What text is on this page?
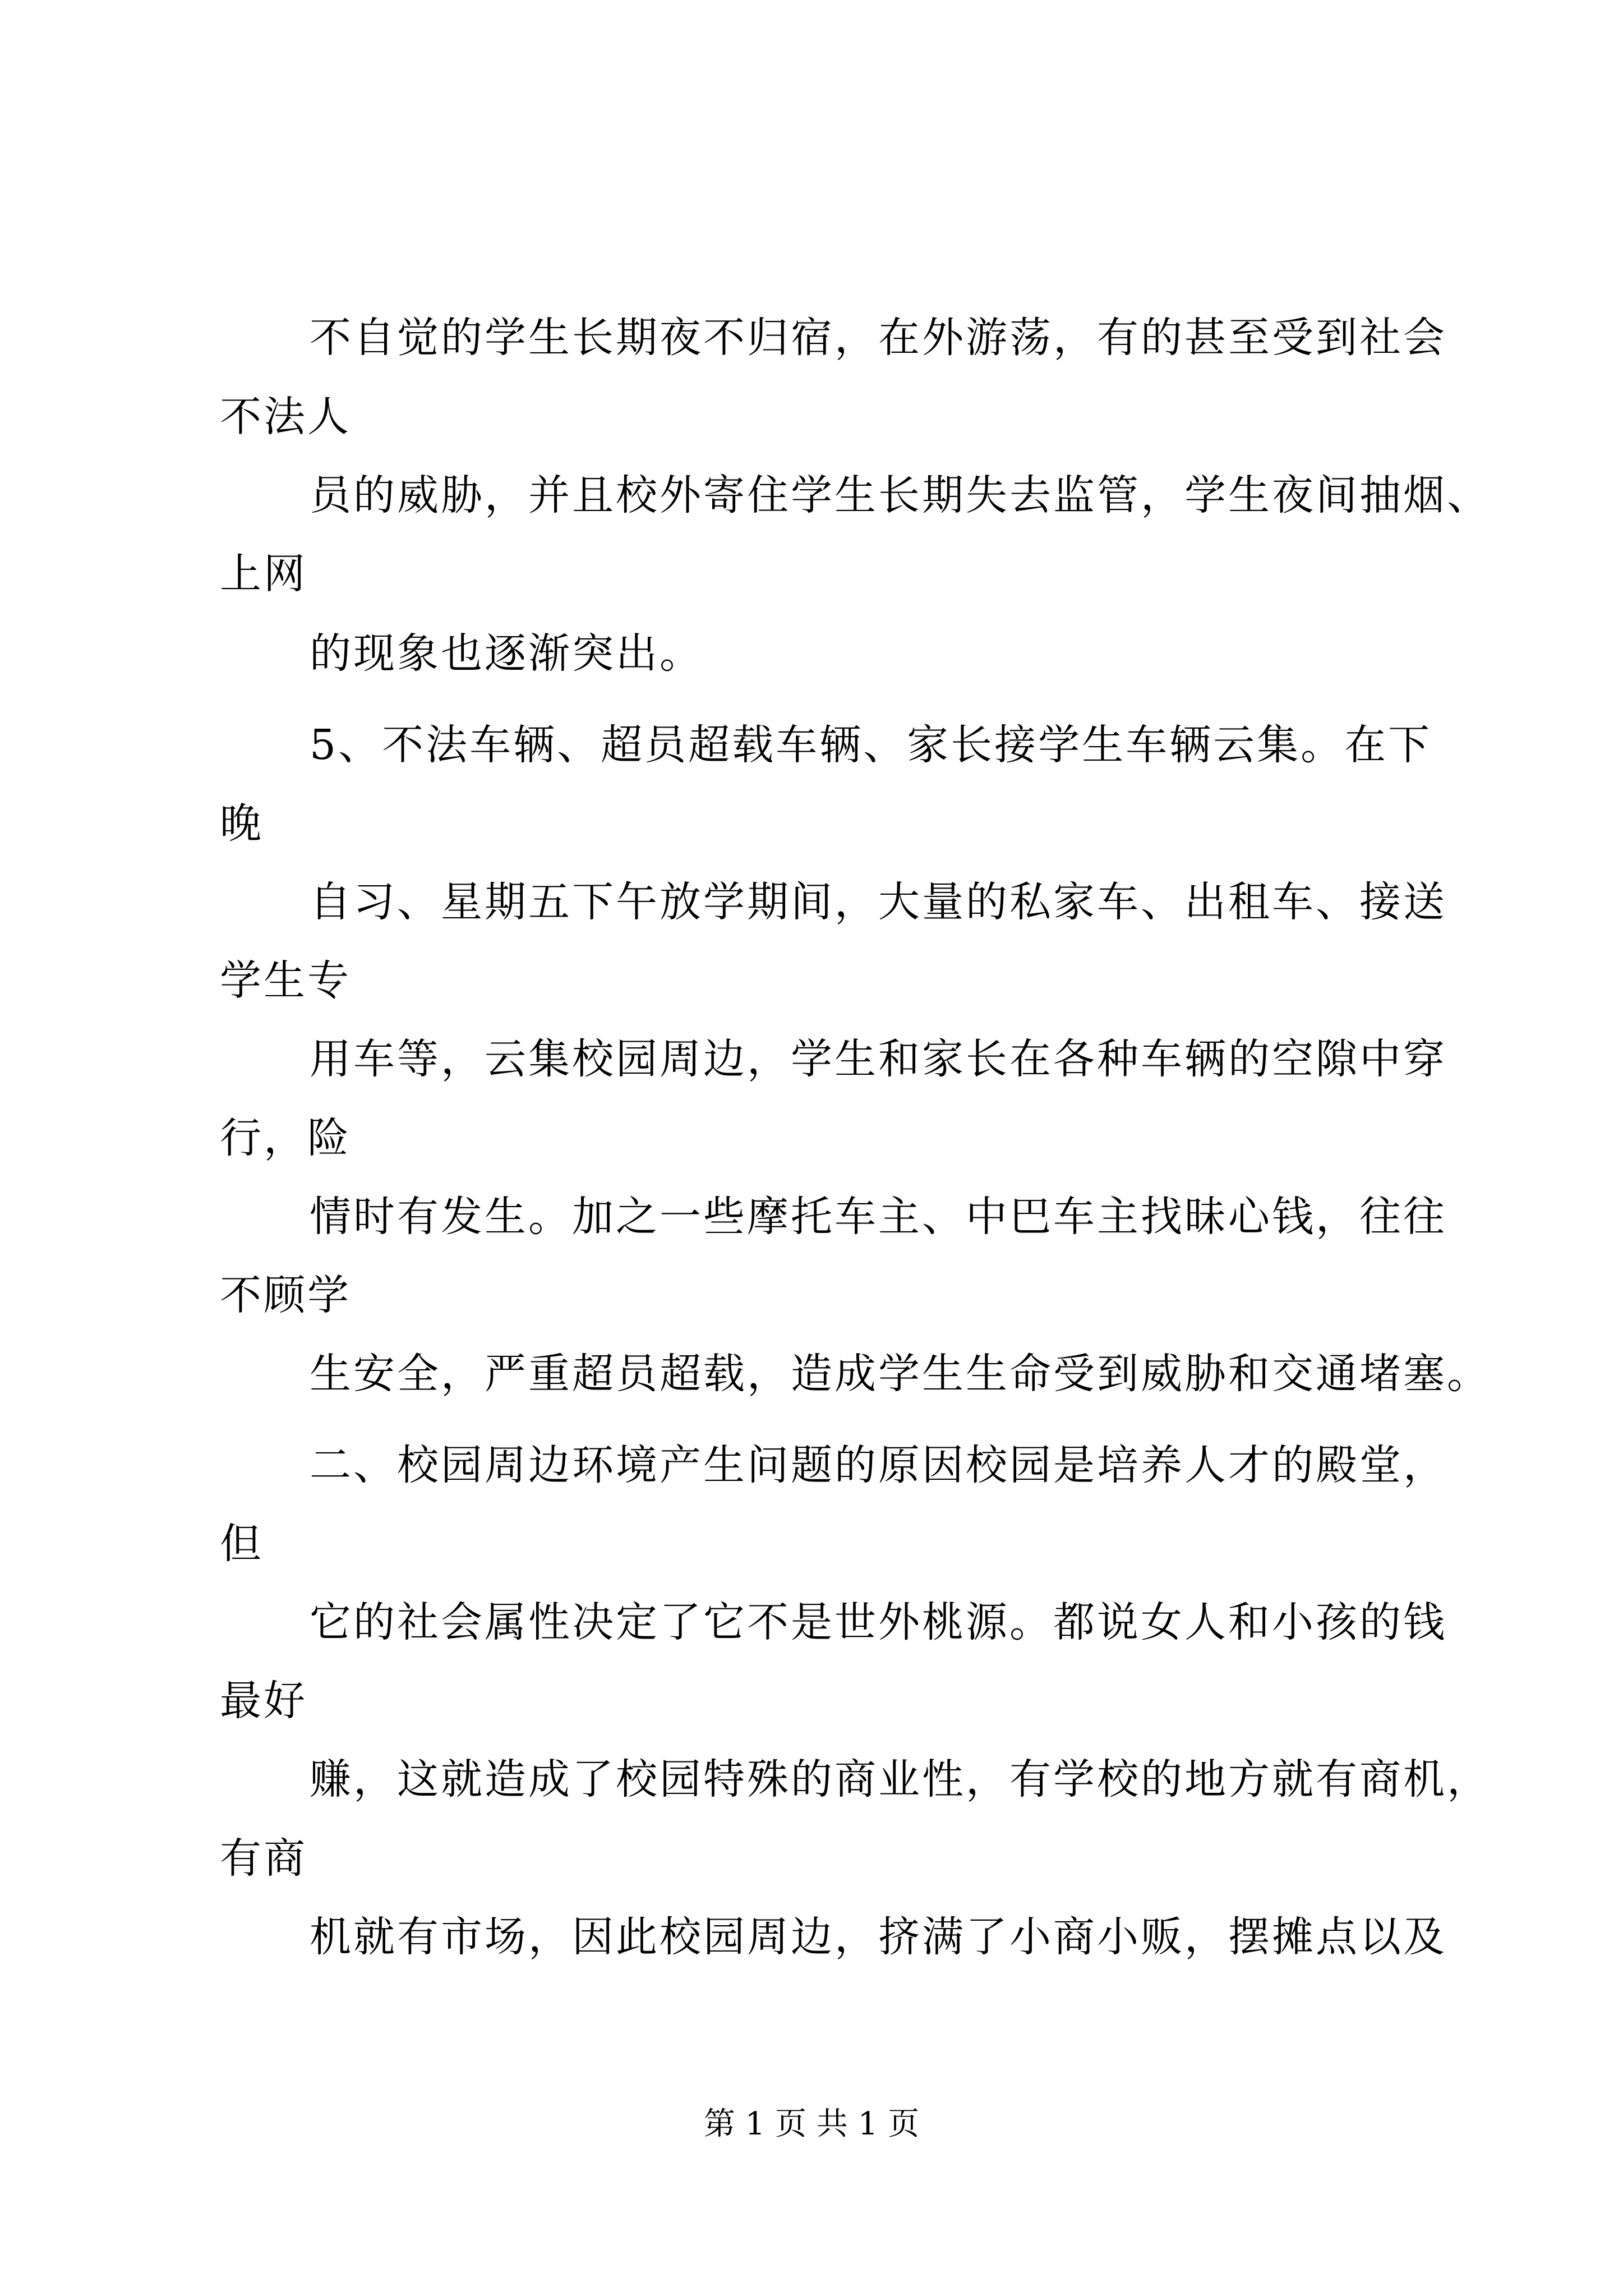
不自觉的学生长期夜不归宿，在外游荡，有的甚至受到社会
不法人
员的威胁，并且校外寄住学生长期失去监管，学生夜间抽烟、
上网
的现象也逐渐突出。
5、不法车辆、超员超载车辆、家长接学生车辆云集。在下
晚
自习、星期五下午放学期间，大量的私家车、出租车、接送
学生专
用车等，云集校园周边，学生和家长在各种车辆的空隙中穿
行，险
情时有发生。加之一些摩托车主、中巴车主找昧心钱，往往
不顾学
生安全，严重超员超载，造成学生生命受到威胁和交通堵塞。
二、校园周边环境产生问题的原因校园是培养人才的殿堂，
但
它的社会属性决定了它不是世外桃源。都说女人和小孩的钱
最好
赚，这就造成了校园特殊的商业性，有学校的地方就有商机，
有商
机就有市场，因此校园周边，挤满了小商小贩，摆摊点以及
第 1 页 共 1 页
